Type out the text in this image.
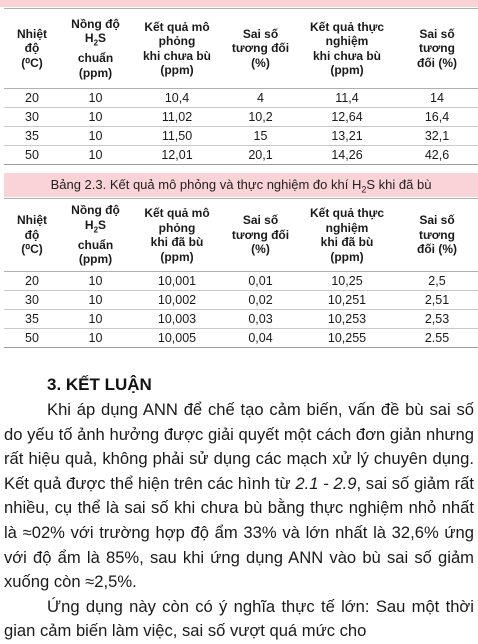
Nhiệt
độ
(⁰C)	Nồng độ
$H_2S$
chuẩn
(ppm)	Kết quả mô
phỏng
khi chưa bù
(ppm)	Sai số
tương đối
(%)	Kết quả thực
nghiệm
khi chưa bù
(ppm)	Sai số
tương
đối (%)
20	10	10,4	4	11,4	14
30	10	11,02	10,2	12,64	16,4
35	10	11,50	15	13,21	32,1
50	10	12,01	20,1	14,26	42,6
Bảng 2.3. Kết quả mô phỏng và thực nghiệm đo khí $H_2S$ khi đã bù
Nhiệt
độ
(⁰C)	Nồng độ
$H_2S$
chuẩn
(ppm)	Kết quả mô
phỏng
khi đã bù
(ppm)	Sai số
tương đối
(%)	Kết quả thực
nghiệm
khi đã bù
(ppm)	Sai số
tương
đối (%)
20	10	10,001	0,01	10,25	2,5
30	10	10,002	0,02	10,251	2,51
35	10	10,003	0,03	10,253	2,53
50	10	10,005	0,04	10,255	2.55
3. KẾT LUẬN

Khi áp dụng ANN để chế tạo cảm biến, vấn đề bù sai số do yếu tố ảnh hưởng được giải quyết một cách đơn giản nhưng rất hiệu quả, không phải sử dụng các mạch xử lý chuyên dụng. Kết quả được thể hiện trên các hình từ 2.1 - 2.9, sai số giảm rất nhiều, cụ thể là sai số khi chưa bù bằng thực nghiệm nhỏ nhất là ≈02% với trường hợp độ ẩm 33% và lớn nhất là 32,6% ứng với độ ẩm là 85%, sau khi ứng dụng ANN vào bù sai số giảm xuống còn ≈2,5%.

Ứng dụng này còn có ý nghĩa thực tế lớn: Sau một thời gian cảm biến làm việc, sai số vượt quá mức cho
